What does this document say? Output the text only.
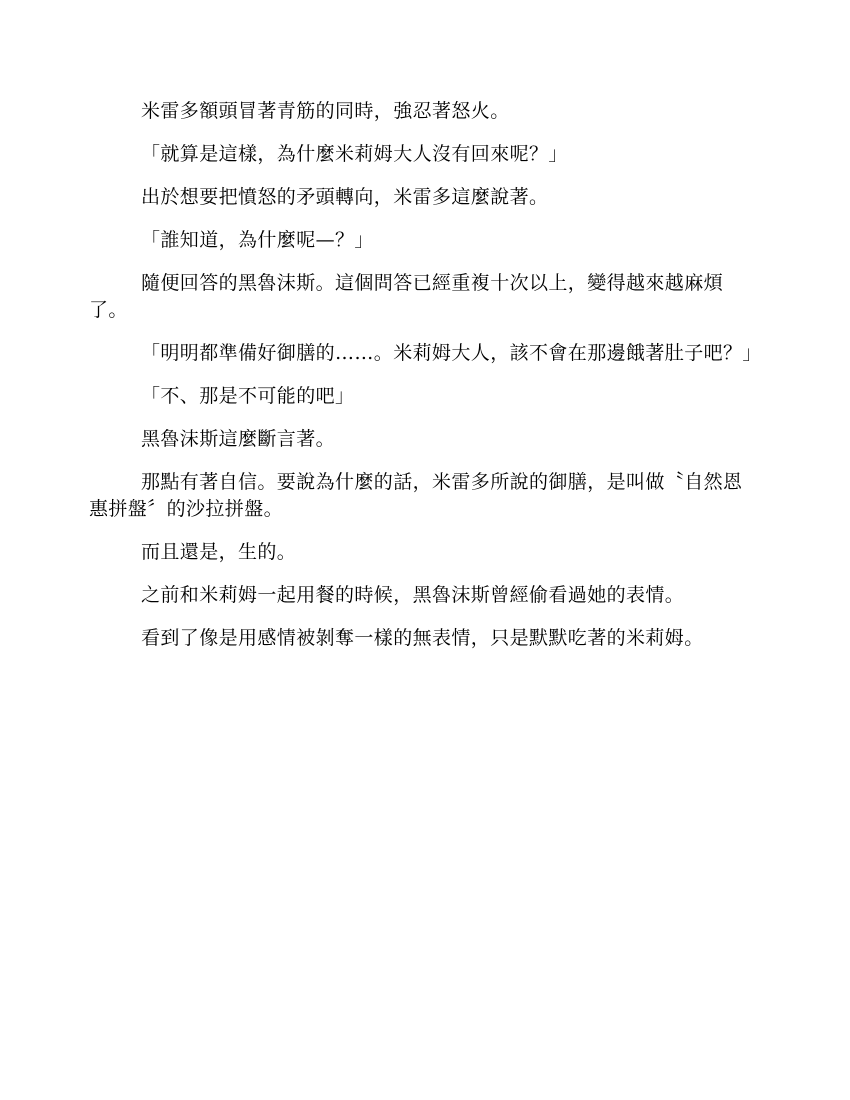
米雷多額頭冒著青筋的同時，強忍著怒火。

「就算是這樣，為什麼米莉姆大人沒有回來呢？」

出於想要把憤怒的矛頭轉向，米雷多這麼說著。

「誰知道，為什麼呢—？」

隨便回答的黑魯沫斯。這個問答已經重複十次以上，變得越來越麻煩了。

「明明都準備好御膳的……。米莉姆大人，該不會在那邊餓著肚子吧？」

「不、那是不可能的吧」

黑魯沫斯這麼斷言著。

那點有著自信。要說為什麼的話，米雷多所說的御膳，是叫做〝自然恩惠拼盤〞的沙拉拼盤。

而且還是，生的。

之前和米莉姆一起用餐的時候，黑魯沫斯曾經偷看過她的表情。

看到了像是用感情被剝奪一樣的無表情，只是默默吃著的米莉姆。
